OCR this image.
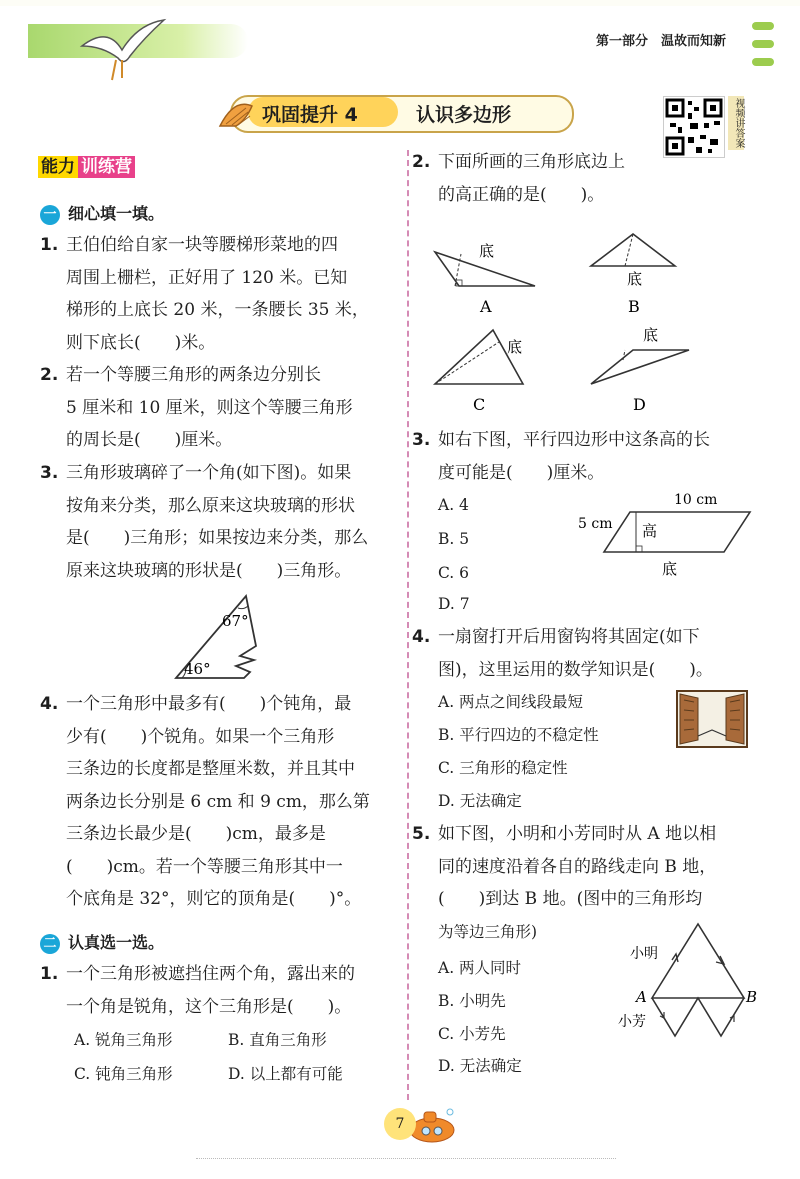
第一部分　温故而知新
巩固提升 4	认识多边形	视频讲答案
能力 训练营
一 细心填一填。
1. 王伯伯给自家一块等腰梯形菜地的四
周围上栅栏，正好用了 120 米。已知
梯形的上底长 20 米，一条腰长 35 米，
则下底长(　　)米。
2. 若一个等腰三角形的两条边分别长
5 厘米和 10 厘米，则这个等腰三角形
的周长是(　　)厘米。
3. 三角形玻璃碎了一个角(如下图)。如果
按角来分类，那么原来这块玻璃的形状
是(　　)三角形；如果按边来分类，那么
原来这块玻璃的形状是(　　)三角形。
67°
46°
4. 一个三角形中最多有(　　)个钝角，最
少有(　　)个锐角。如果一个三角形
三条边的长度都是整厘米数，并且其中
两条边长分别是 6 cm 和 9 cm，那么第
三条边长最少是(　　)cm，最多是
(　　)cm。若一个等腰三角形其中一
个底角是 32°，则它的顶角是(　　)°。
二 认真选一选。
1. 一个三角形被遮挡住两个角，露出来的
一个角是锐角，这个三角形是(　　)。
A. 锐角三角形	B. 直角三角形
C. 钝角三角形	D. 以上都有可能
2. 下面所画的三角形底边上
的高正确的是(　　)。
底
A
底
B
底
C
底
D
3. 如右下图，平行四边形中这条高的长
度可能是(　　)厘米。
A. 4
B. 5
C. 6
D. 7
10 cm
5 cm 高
底
4. 一扇窗打开后用窗钩将其固定(如下
图)，这里运用的数学知识是(　　)。
A. 两点之间线段最短
B. 平行四边的不稳定性
C. 三角形的稳定性
D. 无法确定
5. 如下图，小明和小芳同时从 A 地以相
同的速度沿着各自的路线走向 B 地，
(　　)到达 B 地。(图中的三角形均
为等边三角形)
A. 两人同时
B. 小明先
C. 小芳先
D. 无法确定
小明
小芳
A	B
7
